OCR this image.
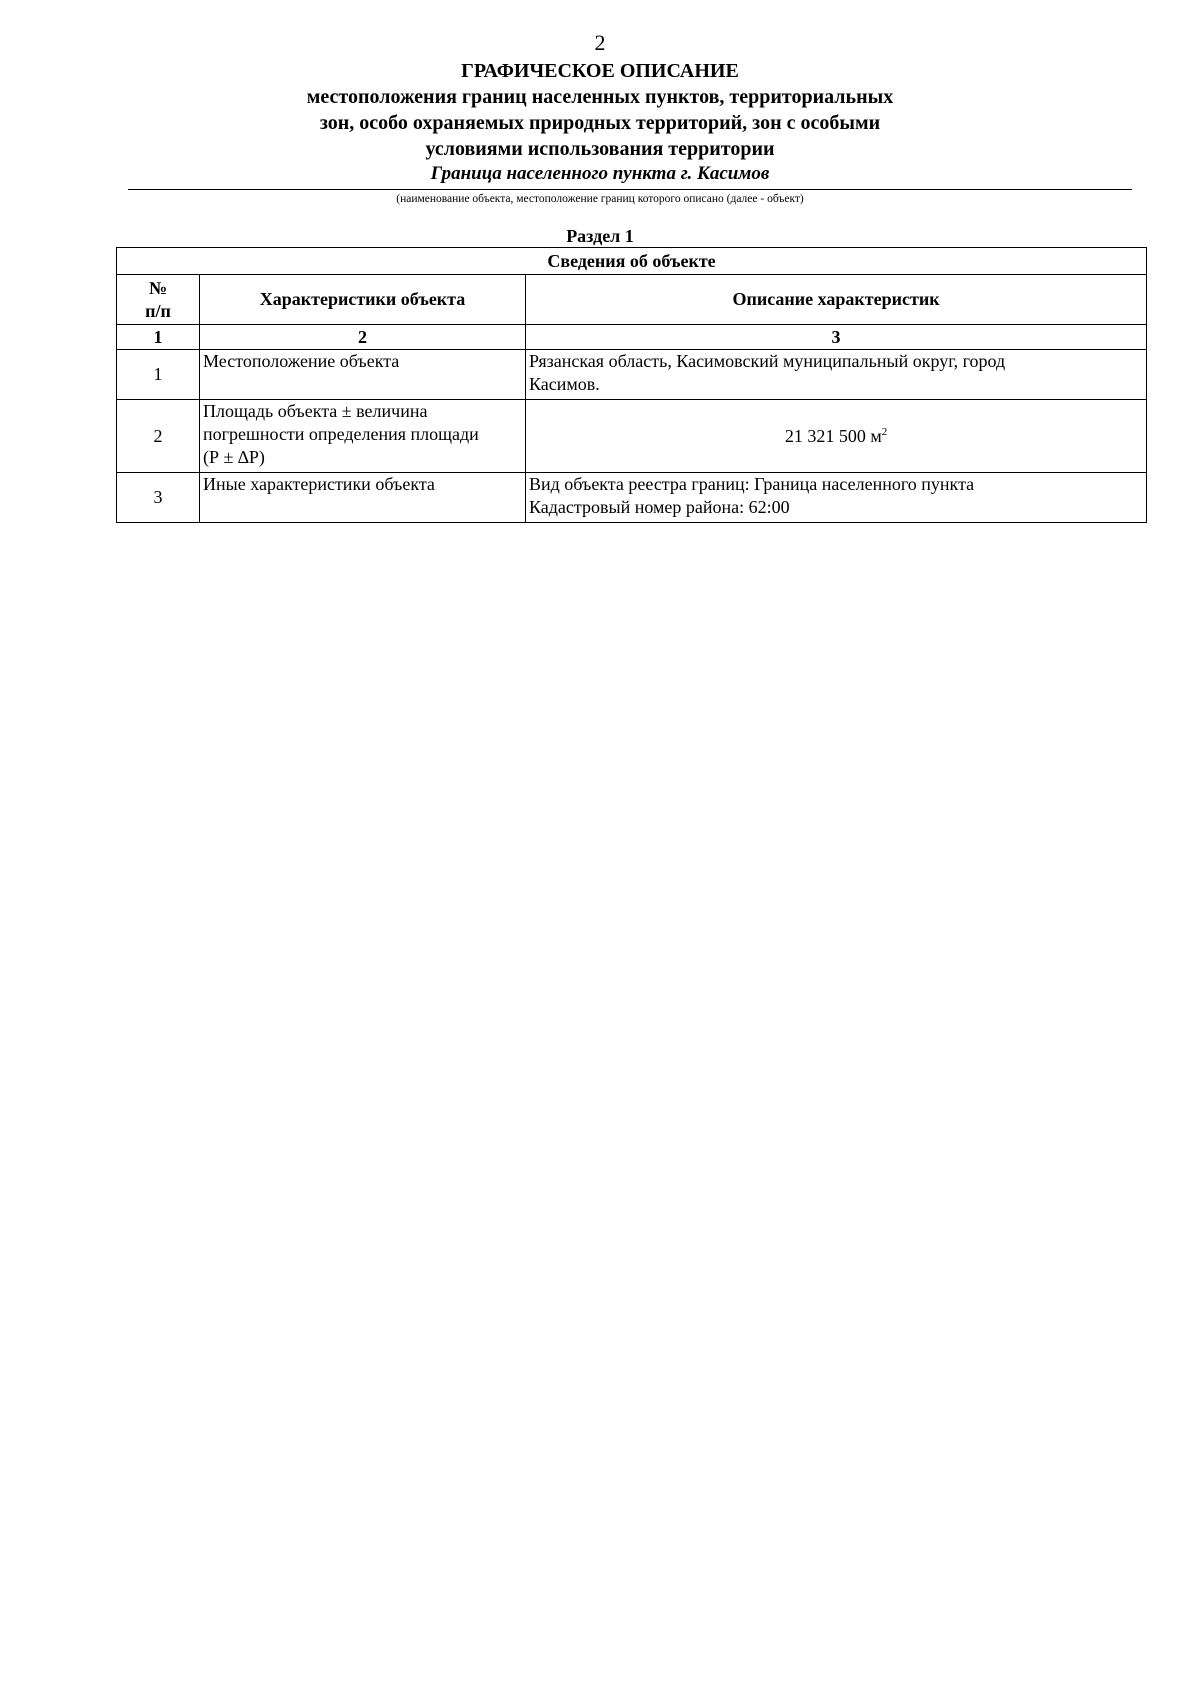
2

ГРАФИЧЕСКОЕ ОПИСАНИЕ

местоположения границ населенных пунктов, территориальных

зон, особо охраняемых природных территорий, зон с особыми

условиями использования территории

Граница населенного пункта г. Касимов

(наименование объекта, местоположение границ которого описано (далее - объект)
Раздел 1
Сведения об объекте		

№
п/п	Характеристики объекта	Описание характеристик
1	2	3
1	Местоположение объекта	Рязанская область, Касимовский муниципальный округ, город
Касимов.

2	Площадь объекта ± величина
погрешности определения площади
(Р ± ∆Р)	21 321 500 $м^2$
3	Иные характеристики объекта	Вид объекта реестра границ: Граница населенного пункта
Кадастровый номер района: 62:00
